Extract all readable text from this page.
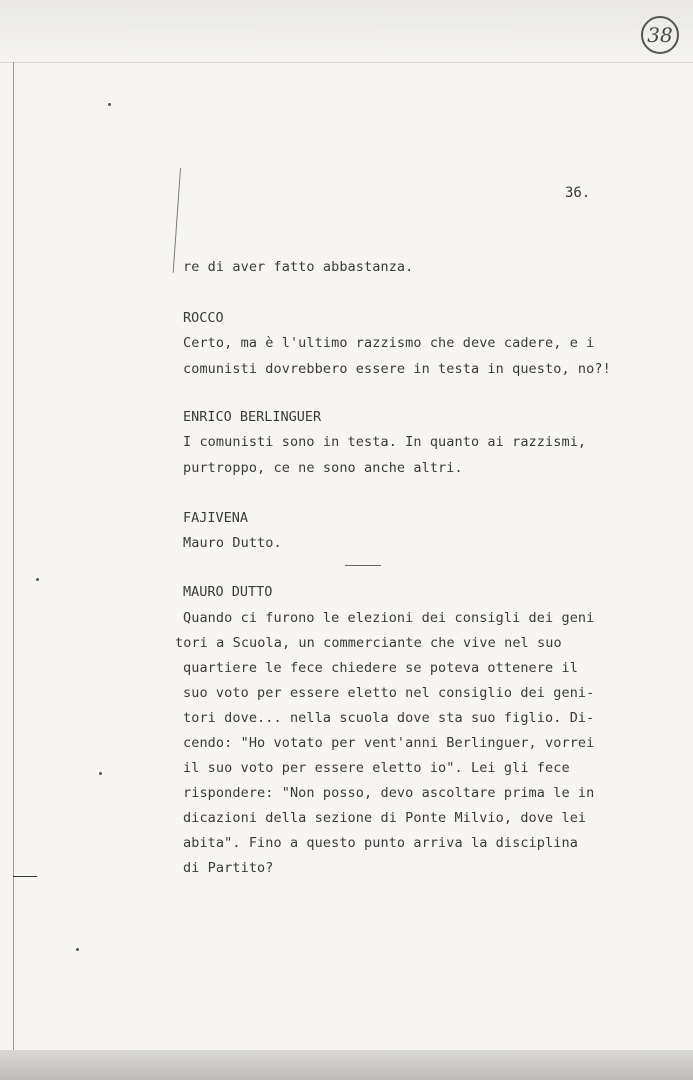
38
36.
re di aver fatto abbastanza.
ROCCO
Certo, ma è l'ultimo razzismo che deve cadere, e i
comunisti dovrebbero essere in testa in questo, no?!
ENRICO BERLINGUER
I comunisti sono in testa. In quanto ai razzismi,
purtroppo, ce ne sono anche altri.
FAJIVENA
Mauro Dutto.
MAURO DUTTO
Quando ci furono le elezioni dei consigli dei geni
tori a Scuola, un commerciante che vive nel suo
quartiere le fece chiedere se poteva ottenere il
suo voto per essere eletto nel consiglio dei geni-
tori dove... nella scuola dove sta suo figlio. Di-
cendo: "Ho votato per vent'anni Berlinguer, vorrei
il suo voto per essere eletto io". Lei gli fece
rispondere: "Non posso, devo ascoltare prima le in
dicazioni della sezione di Ponte Milvio, dove lei
abita". Fino a questo punto arriva la disciplina
di Partito?
